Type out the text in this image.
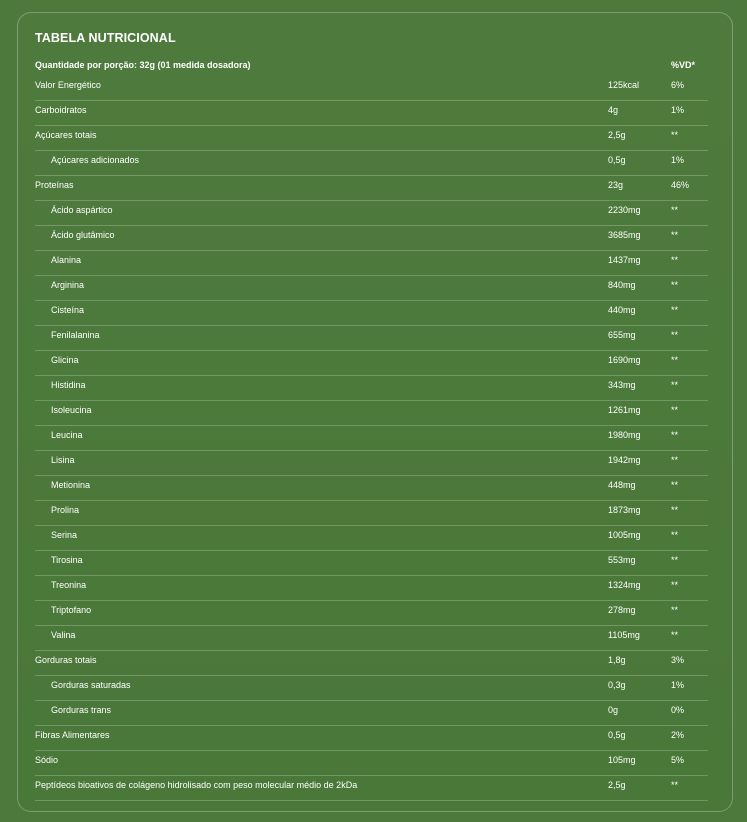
TABELA NUTRICIONAL
Quantidade por porção: 32g (01 medida dosadora)	%VD*
Valor Energético	125kcal	6%
Carboidratos	4g	1%
Açúcares totais	2,5g	**
Açúcares adicionados	0,5g	1%
Proteínas	23g	46%
Ácido aspártico	2230mg	**
Ácido glutâmico	3685mg	**
Alanina	1437mg	**
Arginina	840mg	**
Cisteína	440mg	**
Fenilalanina	655mg	**
Glicina	1690mg	**
Histidina	343mg	**
Isoleucina	1261mg	**
Leucina	1980mg	**
Lisina	1942mg	**
Metionina	448mg	**
Prolina	1873mg	**
Serina	1005mg	**
Tirosina	553mg	**
Treonina	1324mg	**
Triptofano	278mg	**
Valina	1105mg	**
Gorduras totais	1,8g	3%
Gorduras saturadas	0,3g	1%
Gorduras trans	0g	0%
Fibras Alimentares	0,5g	2%
Sódio	105mg	5%
Peptídeos bioativos de colágeno hidrolisado com peso molecular médio de 2kDa	2,5g	**
